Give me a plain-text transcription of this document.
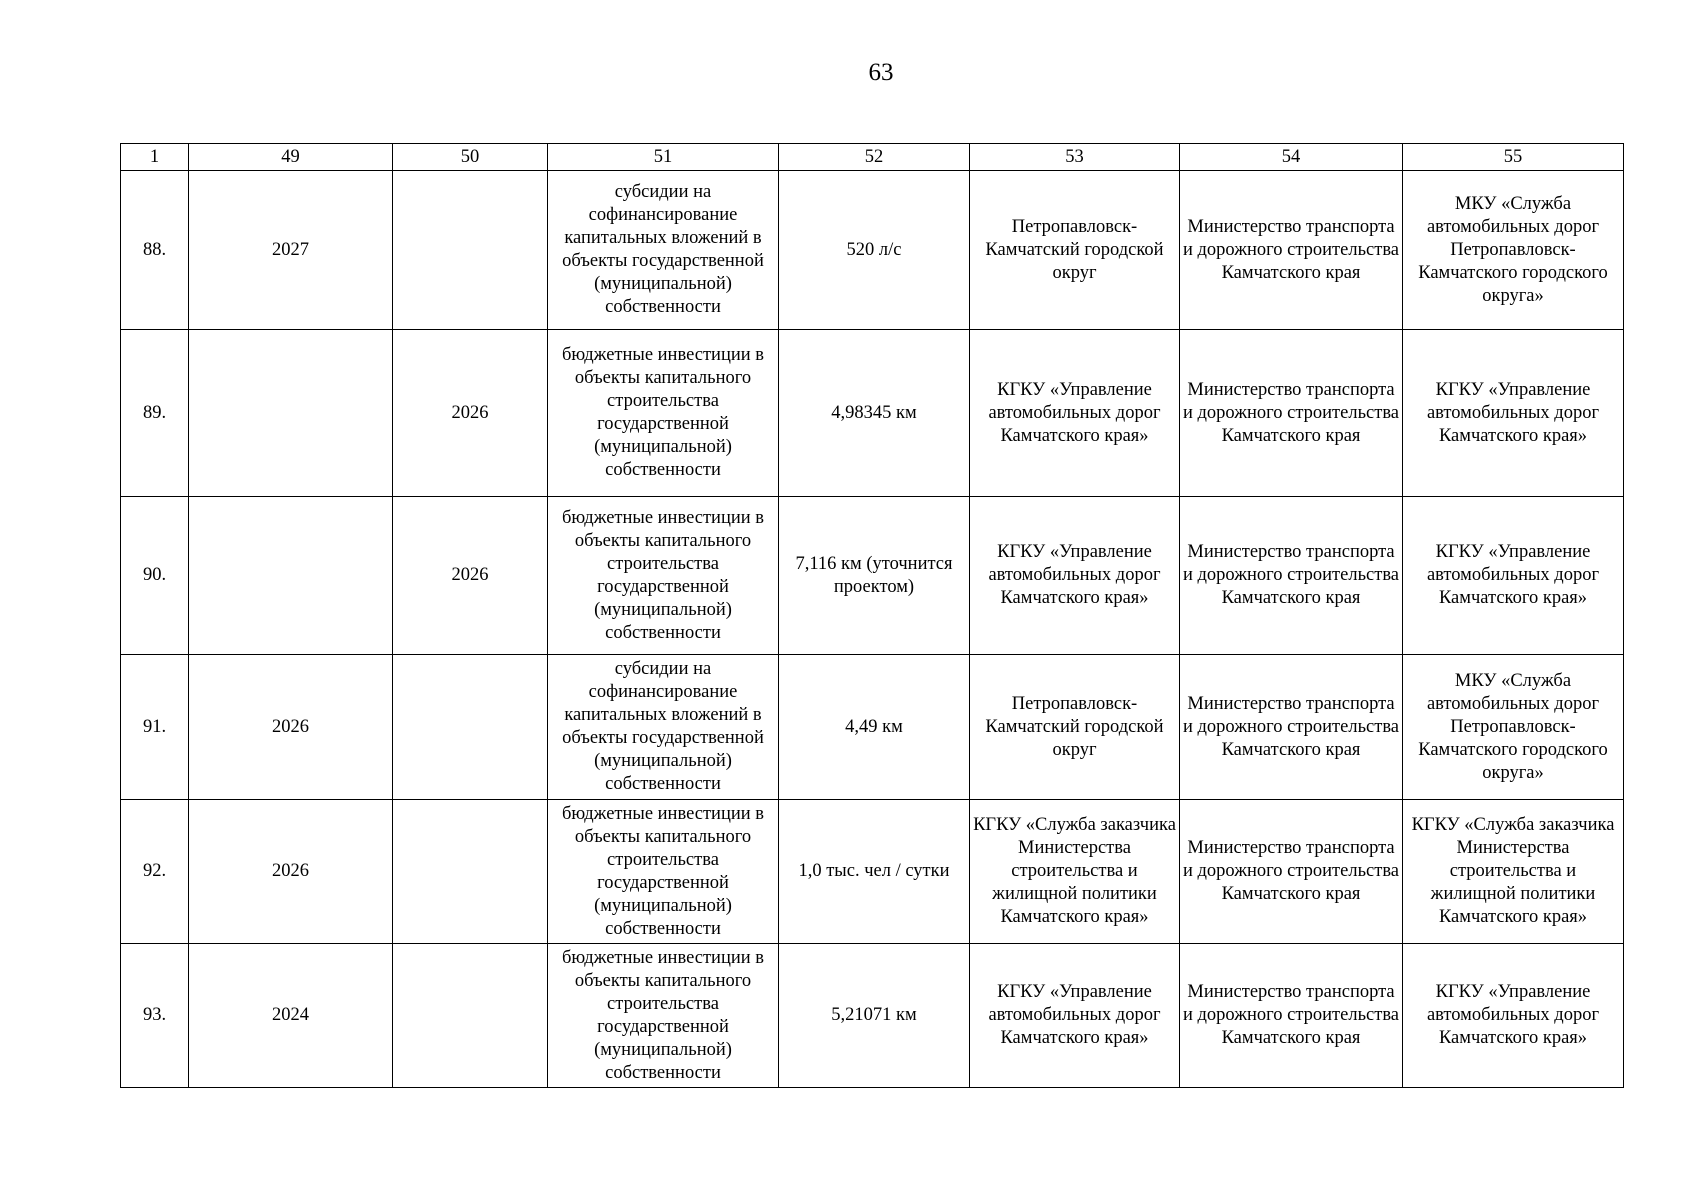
63
1	49	50	51	52	53	54	55
88.	2027		субсидии на софинансирование капитальных вложений в объекты государственной (муниципальной) собственности	520 л/с	Петропавловск-Камчатский городской округ	Министерство транспорта и дорожного строительства Камчатского края	МКУ «Служба автомобильных дорог Петропавловск-Камчатского городского округа»
89.		2026	бюджетные инвестиции в объекты капитального строительства государственной (муниципальной) собственности	4,98345 км	КГКУ «Управление автомобильных дорог Камчатского края»	Министерство транспорта и дорожного строительства Камчатского края	КГКУ «Управление автомобильных дорог Камчатского края»
90.		2026	бюджетные инвестиции в объекты капитального строительства государственной (муниципальной) собственности	7,116 км (уточнится проектом)	КГКУ «Управление автомобильных дорог Камчатского края»	Министерство транспорта и дорожного строительства Камчатского края	КГКУ «Управление автомобильных дорог Камчатского края»
91.	2026		субсидии на софинансирование капитальных вложений в объекты государственной (муниципальной) собственности	4,49 км	Петропавловск-Камчатский городской округ	Министерство транспорта и дорожного строительства Камчатского края	МКУ «Служба автомобильных дорог Петропавловск-Камчатского городского округа»
92.	2026		бюджетные инвестиции в объекты капитального строительства государственной (муниципальной) собственности	1,0 тыс. чел / сутки	КГКУ «Служба заказчика Министерства строительства и жилищной политики Камчатского края»	Министерство транспорта и дорожного строительства Камчатского края	КГКУ «Служба заказчика Министерства строительства и жилищной политики Камчатского края»
93.	2024		бюджетные инвестиции в объекты капитального строительства государственной (муниципальной) собственности	5,21071 км	КГКУ «Управление автомобильных дорог Камчатского края»	Министерство транспорта и дорожного строительства Камчатского края	КГКУ «Управление автомобильных дорог Камчатского края»
